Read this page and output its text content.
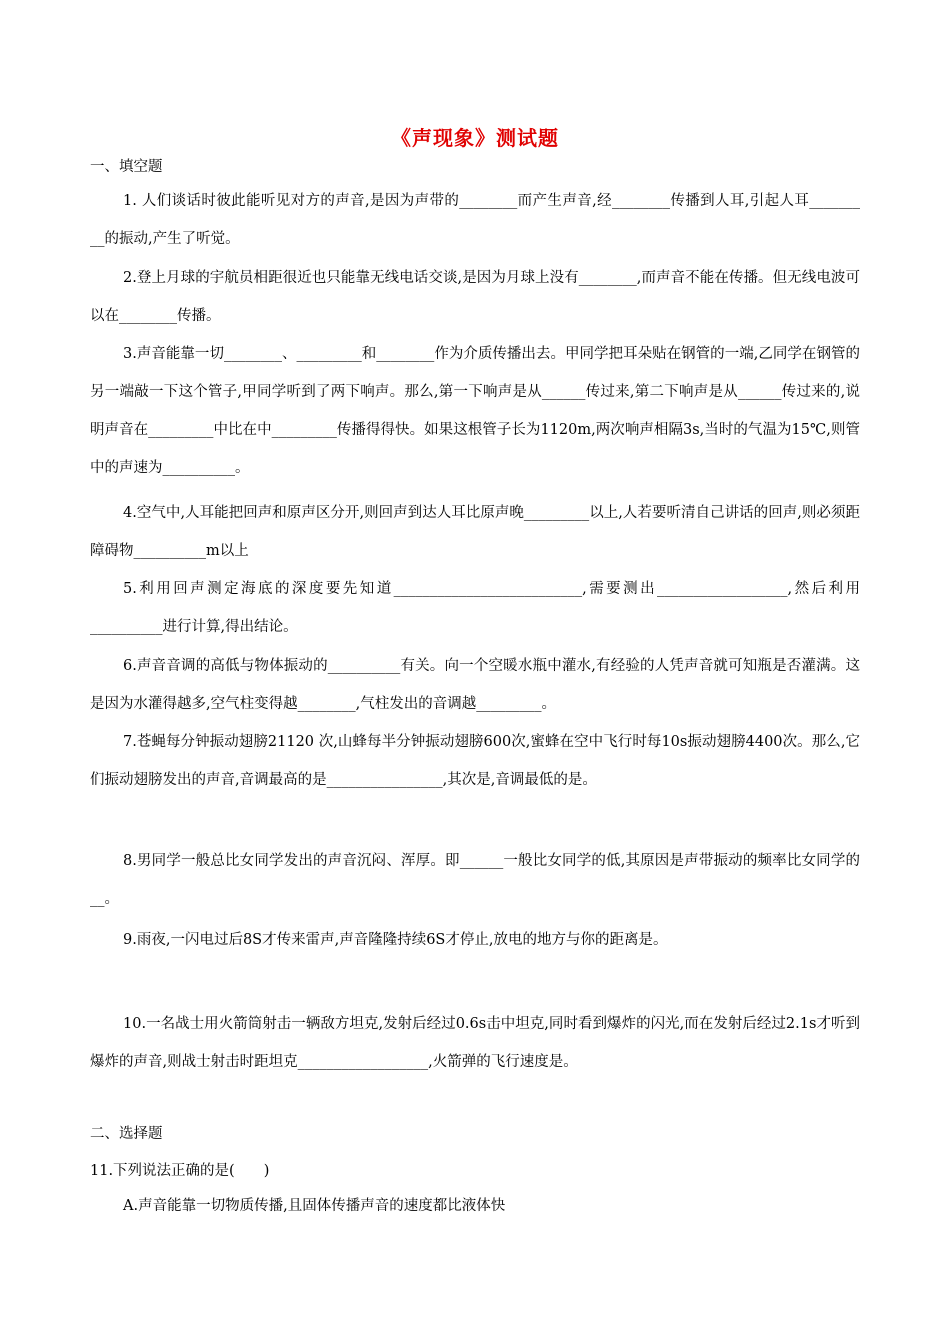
《声现象》测试题
一、填空题
1. 人们谈话时彼此能听见对方的声音,是因为声带的________而产生声音,经________传播到人耳,引起人耳_______ __的振动,产生了听觉。
2.登上月球的宇航员相距很近也只能靠无线电话交谈,是因为月球上没有________,而声音不能在传播。但无线电波可以在________传播。
3.声音能靠一切________、_________和________作为介质传播出去。甲同学把耳朵贴在钢管的一端,乙同学在钢管的另一端敲一下这个管子,甲同学听到了两下响声。那么,第一下响声是从______传过来,第二下响声是从______传过来的,说明声音在_________中比在中_________传播得得快。如果这根管子长为1120m,两次响声相隔3s,当时的气温为15℃,则管中的声速为__________。
4.空气中,人耳能把回声和原声区分开,则回声到达人耳比原声晚_________以上,人若要听清自己讲话的回声,则必须距障碍物__________m以上
5.利用回声测定海底的深度要先知道__________________________,需要测出__________________,然后利用__________进行计算,得出结论。
6.声音音调的高低与物体振动的__________有关。向一个空暖水瓶中灌水,有经验的人凭声音就可知瓶是否灌满。这是因为水灌得越多,空气柱变得越________,气柱发出的音调越_________。
7.苍蝇每分钟振动翅膀21120 次,山蜂每半分钟振动翅膀600次,蜜蜂在空中飞行时每10s振动翅膀4400次。那么,它们振动翅膀发出的声音,音调最高的是________________,其次是,音调最低的是。
8.男同学一般总比女同学发出的声音沉闷、浑厚。即______一般比女同学的低,其原因是声带振动的频率比女同学的__。
9.雨夜,一闪电过后8S才传来雷声,声音隆隆持续6S才停止,放电的地方与你的距离是。
10.一名战士用火箭筒射击一辆敌方坦克,发射后经过0.6s击中坦克,同时看到爆炸的闪光,而在发射后经过2.1s才听到爆炸的声音,则战士射击时距坦克__________________,火箭弹的飞行速度是。
二、选择题
11.下列说法正确的是(　　)
A.声音能靠一切物质传播,且固体传播声音的速度都比液体快
